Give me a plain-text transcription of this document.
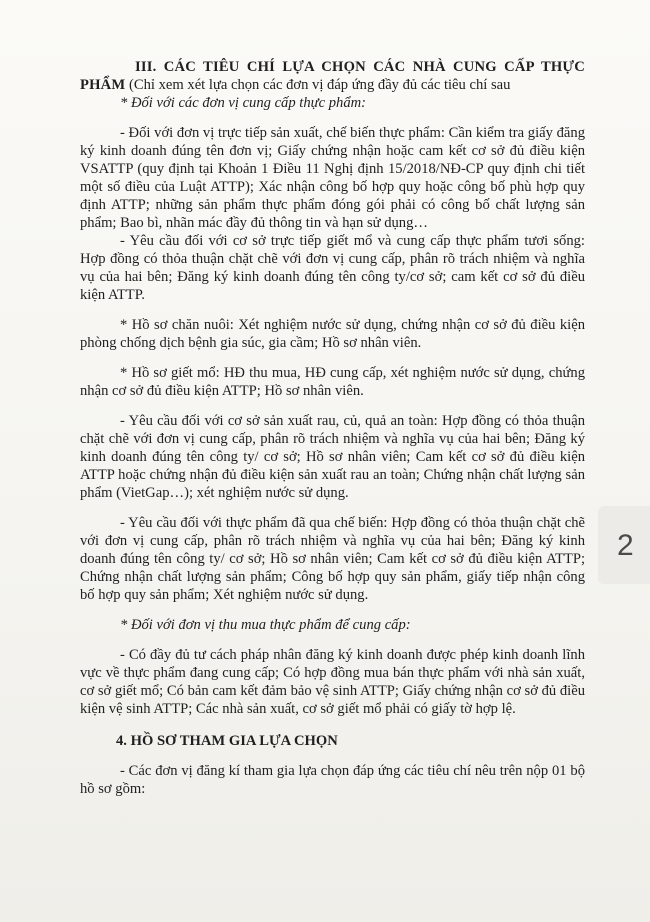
III. CÁC TIÊU CHÍ LỰA CHỌN CÁC NHÀ CUNG CẤP THỰC PHẨM (Chỉ xem xét lựa chọn các đơn vị đáp ứng đầy đủ các tiêu chí sau

* Đối với các đơn vị cung cấp thực phẩm:

- Đối với đơn vị trực tiếp sản xuất, chế biến thực phẩm: Cần kiểm tra giấy đăng ký kinh doanh đúng tên đơn vị; Giấy chứng nhận hoặc cam kết cơ sở đủ điều kiện VSATTP (quy định tại Khoản 1 Điều 11 Nghị định 15/2018/NĐ-CP quy định chi tiết một số điều của Luật ATTP); Xác nhận công bố hợp quy hoặc công bố phù hợp quy định ATTP; những sản phẩm thực phẩm đóng gói phải có công bố chất lượng sản phẩm; Bao bì, nhãn mác đầy đủ thông tin và hạn sử dụng…

- Yêu cầu đối với cơ sở trực tiếp giết mổ và cung cấp thực phẩm tươi sống: Hợp đồng có thỏa thuận chặt chẽ với đơn vị cung cấp, phân rõ trách nhiệm và nghĩa vụ của hai bên; Đăng ký kinh doanh đúng tên công ty/cơ sở; cam kết cơ sở đủ điều kiện ATTP.

* Hồ sơ chăn nuôi: Xét nghiệm nước sử dụng, chứng nhận cơ sở đủ điều kiện phòng chống dịch bệnh gia súc, gia cầm; Hồ sơ nhân viên.

* Hồ sơ giết mổ: HĐ thu mua, HĐ cung cấp, xét nghiệm nước sử dụng, chứng nhận cơ sở đủ điều kiện ATTP; Hồ sơ nhân viên.

- Yêu cầu đối với cơ sở sản xuất rau, củ, quả an toàn: Hợp đồng có thỏa thuận chặt chẽ với đơn vị cung cấp, phân rõ trách nhiệm và nghĩa vụ của hai bên; Đăng ký kinh doanh đúng tên công ty/ cơ sở; Hồ sơ nhân viên; Cam kết cơ sở đủ điều kiện ATTP hoặc chứng nhận đủ điều kiện sản xuất rau an toàn; Chứng nhận chất lượng sản phẩm (VietGap…); xét nghiệm nước sử dụng.

- Yêu cầu đối với thực phẩm đã qua chế biến: Hợp đồng có thỏa thuận chặt chẽ với đơn vị cung cấp, phân rõ trách nhiệm và nghĩa vụ của hai bên; Đăng ký kinh doanh đúng tên công ty/ cơ sở; Hồ sơ nhân viên; Cam kết cơ sở đủ điều kiện ATTP; Chứng nhận chất lượng sản phẩm; Công bố hợp quy sản phẩm, giấy tiếp nhận công bố hợp quy sản phẩm; Xét nghiệm nước sử dụng.

* Đối với đơn vị thu mua thực phẩm để cung cấp:

- Có đầy đủ tư cách pháp nhân đăng ký kinh doanh được phép kinh doanh lĩnh vực về thực phẩm đang cung cấp; Có hợp đồng mua bán thực phẩm với nhà sản xuất, cơ sở giết mổ; Có bản cam kết đảm bảo vệ sinh ATTP; Giấy chứng nhận cơ sở đủ điều kiện vệ sinh ATTP; Các nhà sản xuất, cơ sở giết mổ phải có giấy tờ hợp lệ.

4. HỒ SƠ THAM GIA LỰA CHỌN

- Các đơn vị đăng kí tham gia lựa chọn đáp ứng các tiêu chí nêu trên nộp 01 bộ hồ sơ gồm:

2
